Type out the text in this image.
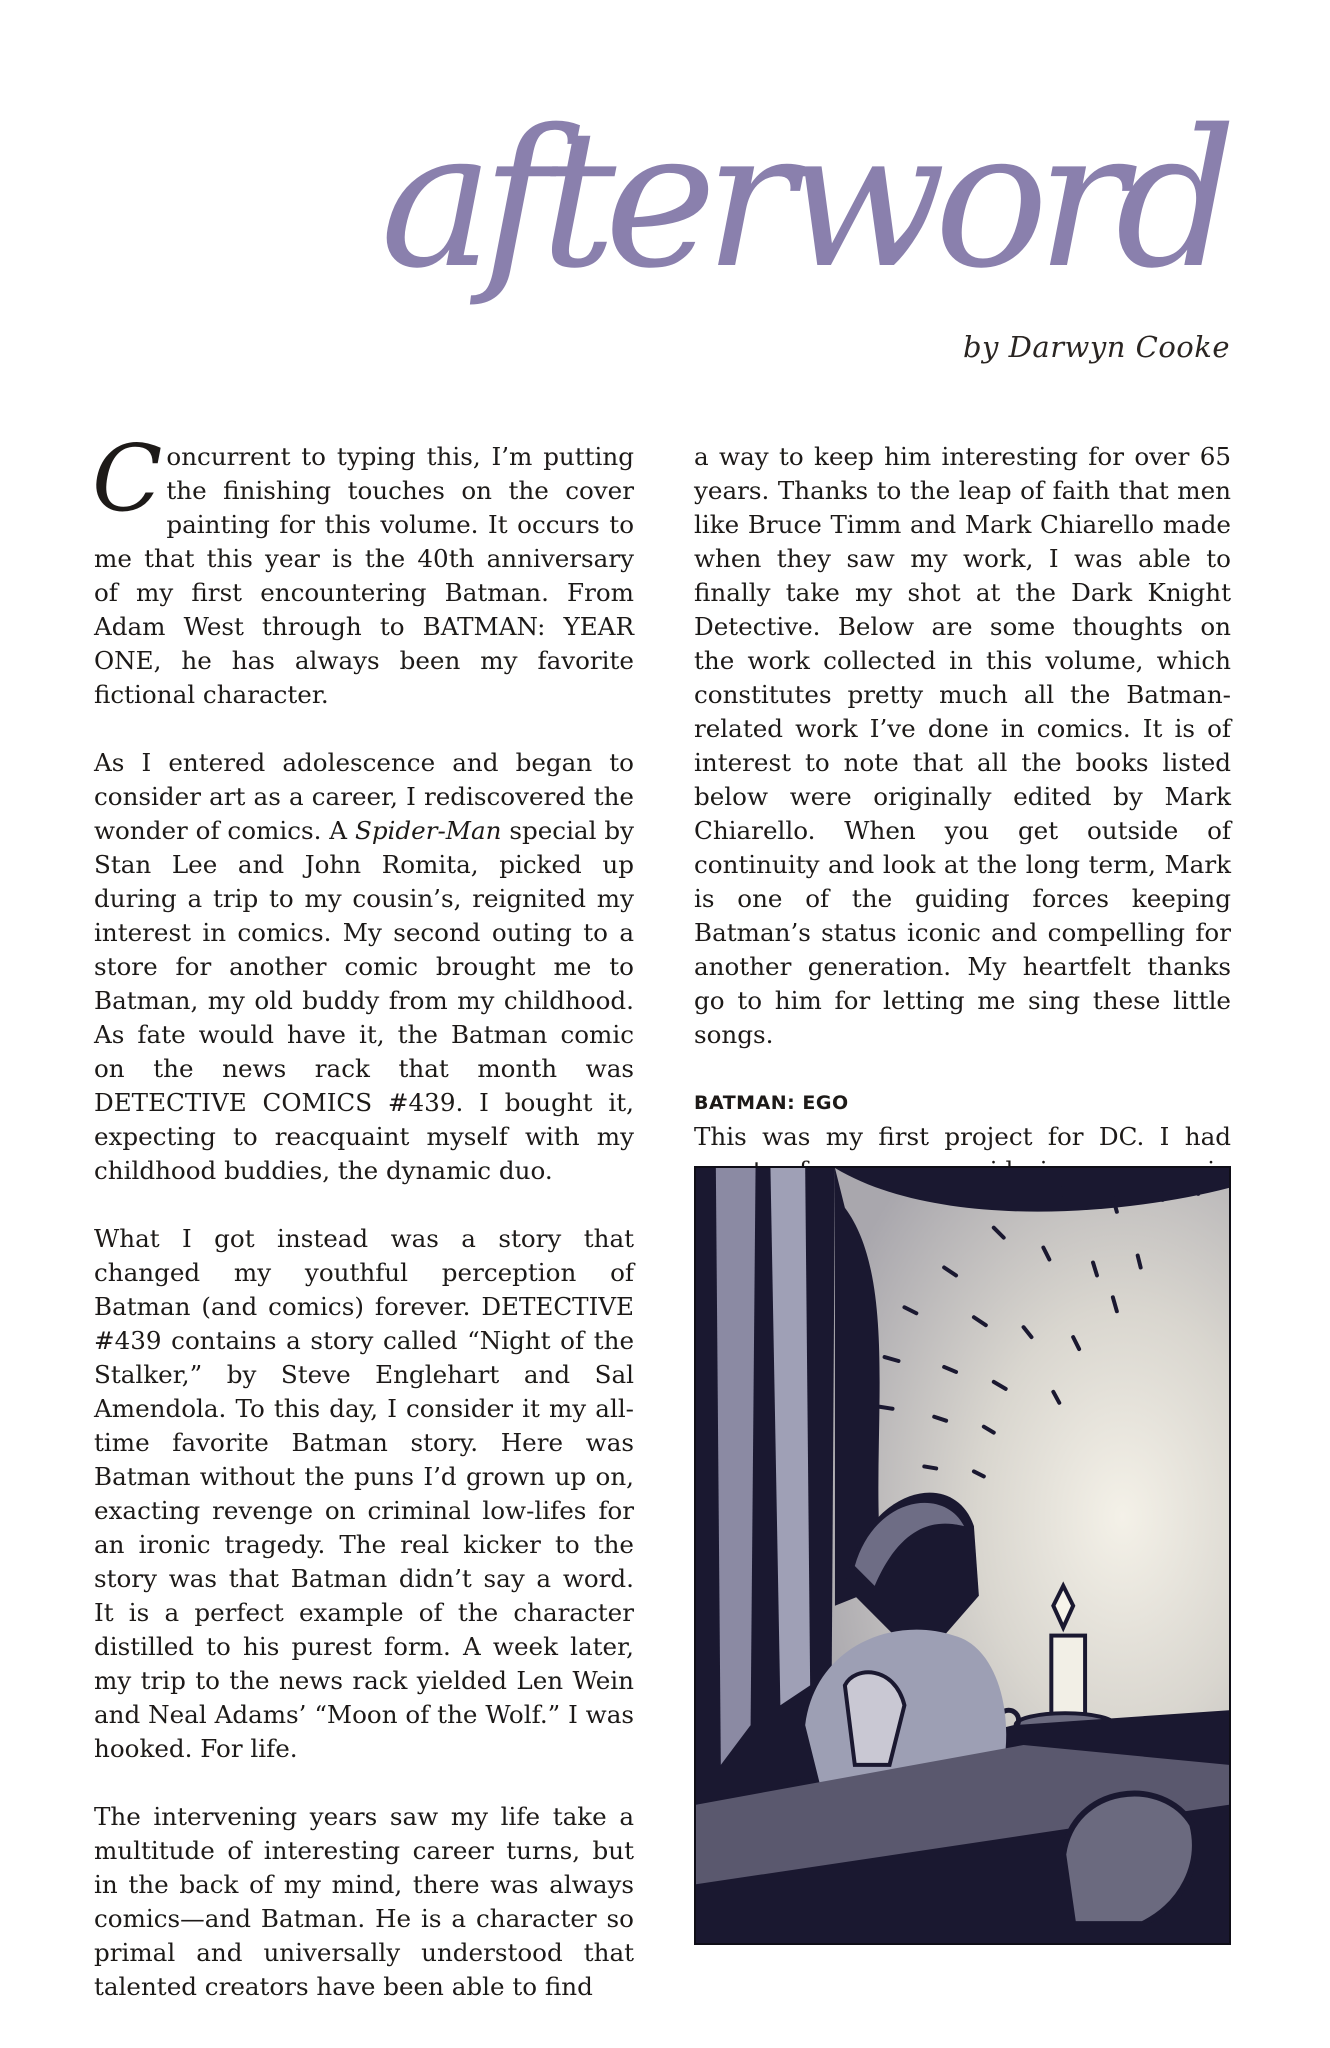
afterword
by Darwyn Cooke

Concurrent to typing this, I’m putting the finishing touches on the cover painting for this volume. It occurs to me that this year is the 40th anniversary of my first encountering Batman. From Adam West through to BATMAN: YEAR ONE, he has always been my favorite fictional character.

As I entered adolescence and began to consider art as a career, I rediscovered the wonder of comics. A Spider-Man special by Stan Lee and John Romita, picked up during a trip to my cousin’s, reignited my interest in comics. My second outing to a store for another comic brought me to Batman, my old buddy from my childhood. As fate would have it, the Batman comic on the news rack that month was DETECTIVE COMICS #439. I bought it, expecting to reacquaint myself with my childhood buddies, the dynamic duo.

What I got instead was a story that changed my youthful perception of Batman (and comics) forever. DETECTIVE #439 contains a story called “Night of the Stalker,” by Steve Englehart and Sal Amendola. To this day, I consider it my all-time favorite Batman story. Here was Batman without the puns I’d grown up on, exacting revenge on criminal low-lifes for an ironic tragedy. The real kicker to the story was that Batman didn’t say a word. It is a perfect example of the character distilled to his purest form. A week later, my trip to the news rack yielded Len Wein and Neal Adams’ “Moon of the Wolf.” I was hooked. For life.

The intervening years saw my life take a multitude of interesting career turns, but in the back of my mind, there was always comics—and Batman. He is a character so primal and universally understood that talented creators have been able to find

a way to keep him interesting for over 65 years. Thanks to the leap of faith that men like Bruce Timm and Mark Chiarello made when they saw my work, I was able to finally take my shot at the Dark Knight Detective. Below are some thoughts on the work collected in this volume, which constitutes pretty much all the Batman-related work I’ve done in comics. It is of interest to note that all the books listed below were originally edited by Mark Chiarello. When you get outside of continuity and look at the long term, Mark is one of the guiding forces keeping Batman’s status iconic and compelling for another generation. My heartfelt thanks go to him for letting me sing these little songs.

BATMAN: EGO

This was my first project for DC. I had
